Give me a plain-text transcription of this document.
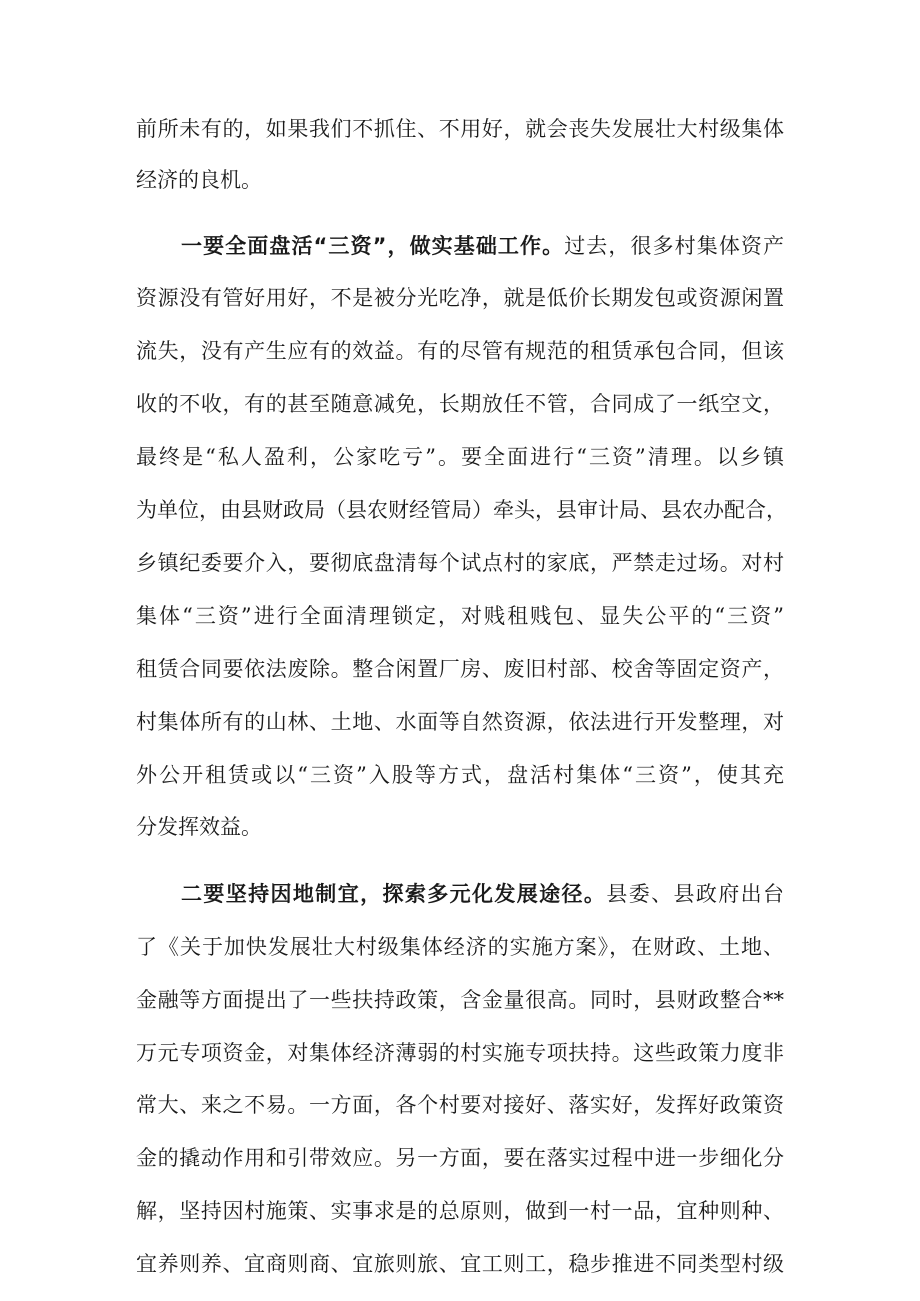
前所未有的，如果我们不抓住、不用好，就会丧失发展壮大村级集体
经济的良机。
一要全面盘活“三资”，做实基础工作。过去，很多村集体资产
资源没有管好用好，不是被分光吃净，就是低价长期发包或资源闲置
流失，没有产生应有的效益。有的尽管有规范的租赁承包合同，但该
收的不收，有的甚至随意减免，长期放任不管，合同成了一纸空文，
最终是“私人盈利，公家吃亏”。要全面进行“三资”清理。以乡镇
为单位，由县财政局（县农财经管局）牵头，县审计局、县农办配合，
乡镇纪委要介入，要彻底盘清每个试点村的家底，严禁走过场。对村
集体“三资”进行全面清理锁定，对贱租贱包、显失公平的“三资”
租赁合同要依法废除。整合闲置厂房、废旧村部、校舍等固定资产，
村集体所有的山林、土地、水面等自然资源，依法进行开发整理，对
外公开租赁或以“三资”入股等方式，盘活村集体“三资”，使其充
分发挥效益。
二要坚持因地制宜，探索多元化发展途径。县委、县政府出台
了《关于加快发展壮大村级集体经济的实施方案》，在财政、土地、
金融等方面提出了一些扶持政策，含金量很高。同时，县财政整合**
万元专项资金，对集体经济薄弱的村实施专项扶持。这些政策力度非
常大、来之不易。一方面，各个村要对接好、落实好，发挥好政策资
金的撬动作用和引带效应。另一方面，要在落实过程中进一步细化分
解，坚持因村施策、实事求是的总原则，做到一村一品，宜种则种、
宜养则养、宜商则商、宜旅则旅、宜工则工，稳步推进不同类型村级
